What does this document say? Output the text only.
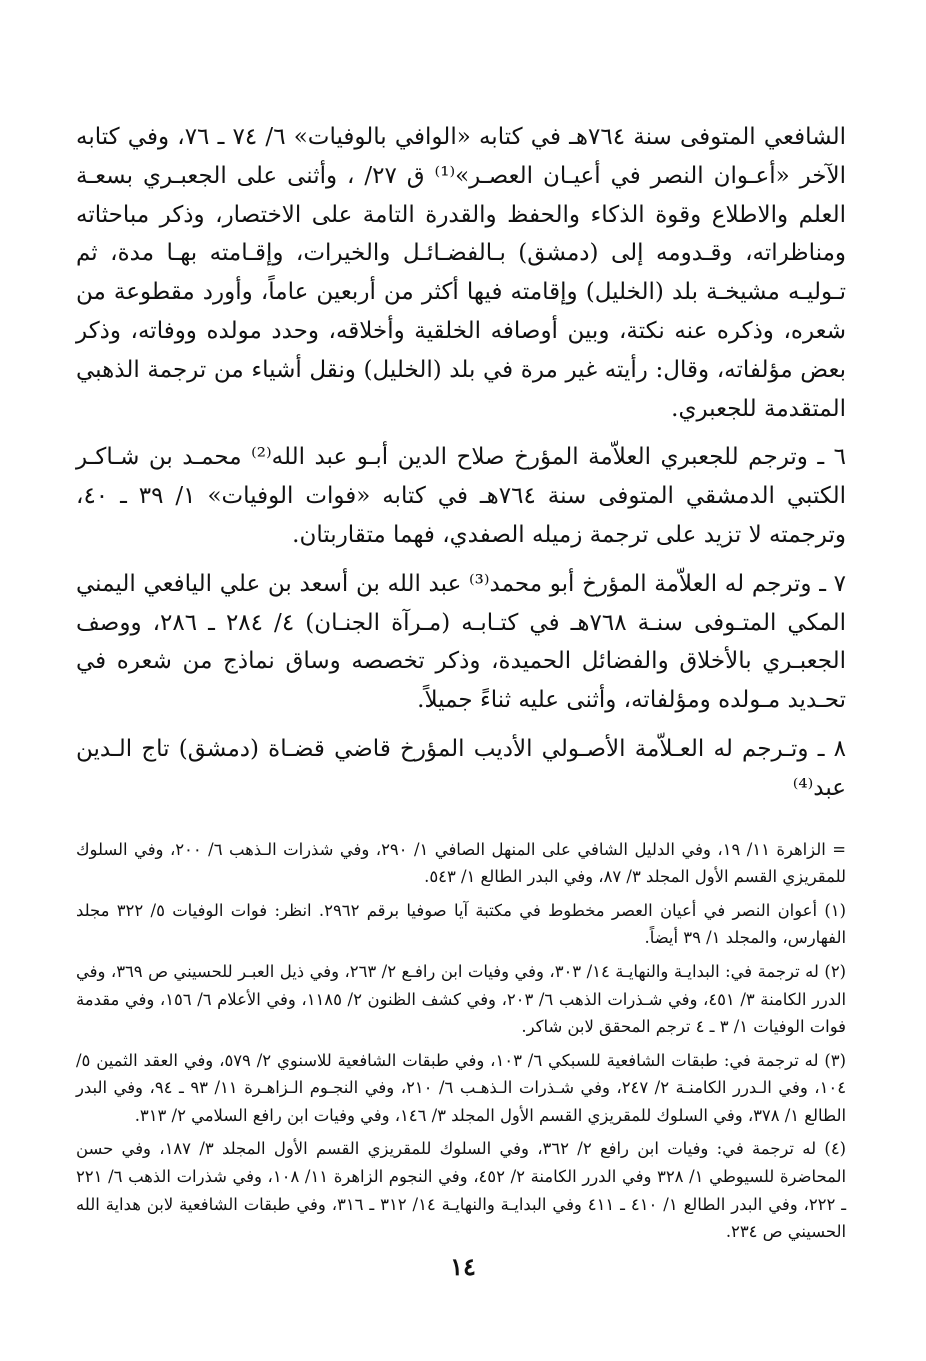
الشافعي المتوفى سنة ٧٦٤هـ في كتابه «الوافي بالوفيات» ٦/ ٧٤ ـ ٧٦، وفي كتابه الآخر «أعـوان النصر في أعيـان العصـر»⁽¹⁾ ق ٢٧/ ، وأثنى على الجعبـري بسعـة العلم والاطلاع وقوة الذكاء والحفظ والقدرة التامة على الاختصار، وذكر مباحثاته ومناظراته، وقـدومه إلى (دمشق) بـالفضـائـل والخيرات، وإقـامته بهـا مدة، ثم تـوليـه مشيخـة بلد (الخليل) وإقامته فيها أكثر من أربعين عاماً، وأورد مقطوعة من شعره، وذكره عنه نكتة، وبين أوصافه الخلقية وأخلاقه، وحدد مولده ووفاته، وذكر بعض مؤلفاته، وقال: رأيته غير مرة في بلد (الخليل) ونقل أشياء من ترجمة الذهبي المتقدمة للجعبري.

٦ ـ وترجم للجعبري العلاّمة المؤرخ صلاح الدين أبـو عبد الله⁽²⁾ محمـد بن شـاكـر الكتبي الدمشقي المتوفى سنة ٧٦٤هـ في كتابه «فوات الوفيات» ١/ ٣٩ ـ ٤٠، وترجمته لا تزيد على ترجمة زميله الصفدي، فهما متقاربتان.
٧ ـ وترجم له العلاّمة المؤرخ أبو محمد⁽³⁾ عبد الله بن أسعد بن علي اليافعي اليمني المكي المتـوفى سنـة ٧٦٨هـ في كتـابـه (مـرآة الجنـان) ٤/ ٢٨٤ ـ ٢٨٦، ووصف الجعبـري بالأخلاق والفضائل الحميدة، وذكر تخصصه وساق نماذج من شعره في تحـديد مـولده ومؤلفاته، وأثنى عليه ثناءً جميلاً.
٨ ـ وتـرجم له العـلاّمة الأصـولي الأديب المؤرخ قاضي قضـاة (دمشق) تاج الـدين عبد⁽⁴⁾
= الزاهرة ١١/ ١٩، وفي الدليل الشافي على المنهل الصافي ١/ ٢٩٠، وفي شذرات الـذهب ٦/ ٢٠٠، وفي السلوك للمقريزي القسم الأول المجلد ٣/ ٨٧، وفي البدر الطالع ١/ ٥٤٣.
(١) أعوان النصر في أعيان العصر مخطوط في مكتبة آيا صوفيا برقم ٢٩٦٢. انظر: فوات الوفيات ٥/ ٣٢٢ مجلد الفهارس، والمجلد ١/ ٣٩ أيضاً.
(٢) له ترجمة في: البدايـة والنهايـة ١٤/ ٣٠٣، وفي وفيات ابن رافـع ٢/ ٢٦٣، وفي ذيل العبـر للحسيني ص ٣٦٩، وفي الدرر الكامنة ٣/ ٤٥١، وفي شـذرات الذهب ٦/ ٢٠٣، وفي كشف الظنون ٢/ ١١٨٥، وفي الأعلام ٦/ ١٥٦، وفي مقدمة فوات الوفيات ١/ ٣ ـ ٤ ترجم المحقق لابن شاكر.
(٣) له ترجمة في: طبقات الشافعية للسبكي ٦/ ١٠٣، وفي طبقات الشافعية للاسنوي ٢/ ٥٧٩، وفي العقد الثمين ٥/ ١٠٤، وفي الـدرر الكامنـة ٢/ ٢٤٧، وفي شـذرات الـذهـب ٦/ ٢١٠، وفي النجـوم الـزاهـرة ١١/ ٩٣ ـ ٩٤، وفي البدر الطالع ١/ ٣٧٨، وفي السلوك للمقريزي القسم الأول المجلد ٣/ ١٤٦، وفي وفيات ابن رافع السلامي ٢/ ٣١٣.
(٤) له ترجمة في: وفيات ابن رافع ٢/ ٣٦٢، وفي السلوك للمقريزي القسم الأول المجلد ٣/ ١٨٧، وفي حسن المحاضرة للسيوطي ١/ ٣٢٨ وفي الدرر الكامنة ٢/ ٤٥٢، وفي النجوم الزاهرة ١١/ ١٠٨، وفي شذرات الذهب ٦/ ٢٢١ ـ ٢٢٢، وفي البدر الطالع ١/ ٤١٠ ـ ٤١١ وفي البدايـة والنهايـة ١٤/ ٣١٢ ـ ٣١٦، وفي طبقات الشافعية لابن هداية الله الحسيني ص ٢٣٤.
١٤
